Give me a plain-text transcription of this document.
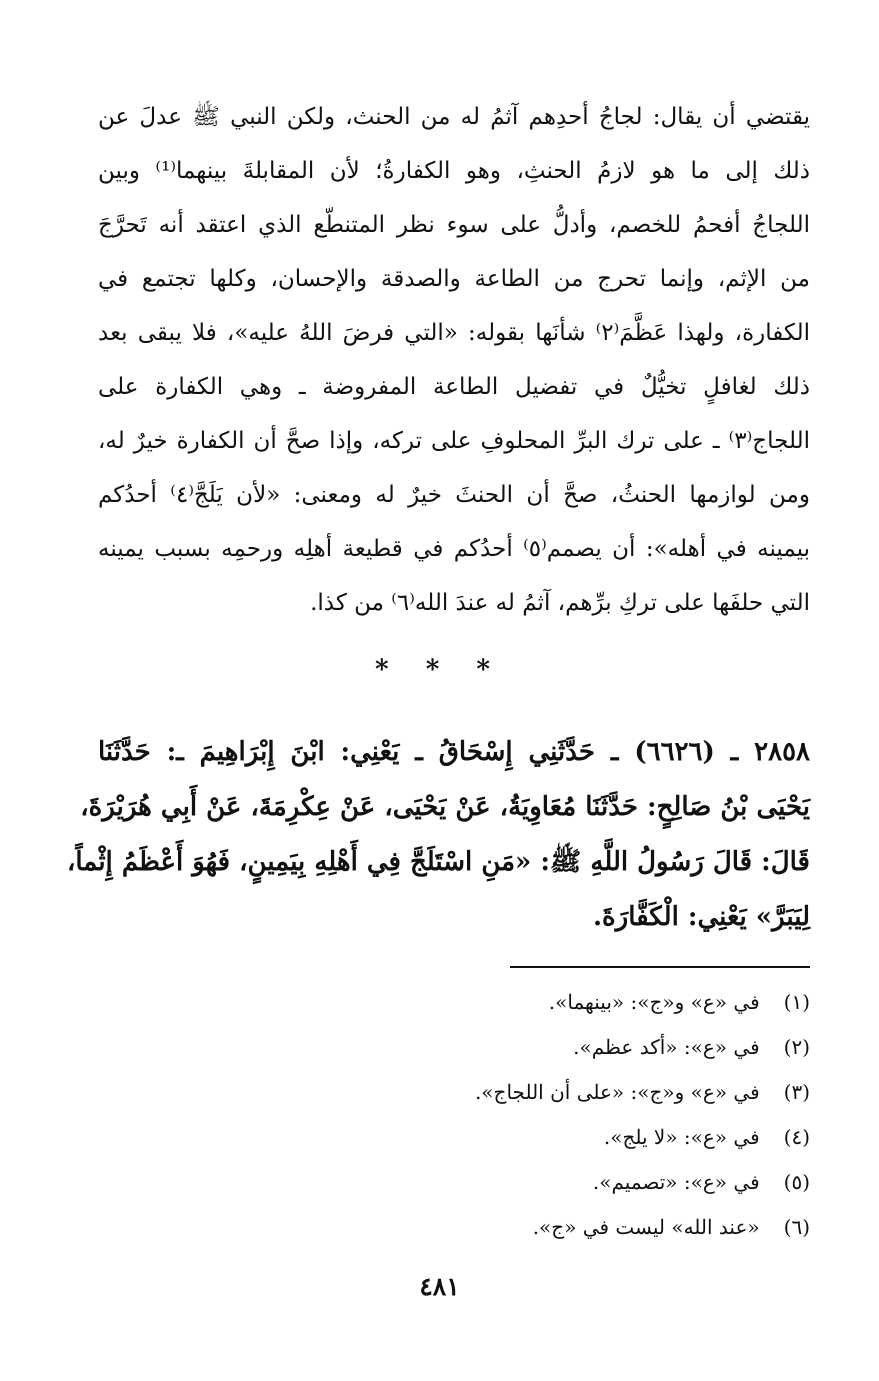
يقتضي أن يقال: لجاجُ أحدِهم آثمُ له من الحنث، ولكن النبي ﷺ عدلَ عن
ذلك إلى ما هو لازمُ الحنثِ، وهو الكفارةُ؛ لأن المقابلةَ بينهما⁽¹⁾ وبين
اللجاجُ أفحمُ للخصم، وأدلُّ على سوء نظر المتنطّع الذي اعتقد أنه تَحرَّجَ
من الإثم، وإنما تحرج من الطاعة والصدقة والإحسان، وكلها تجتمع في
الكفارة، ولهذا عَظَّمَ⁽٢⁾ شأنَها بقوله: «التي فرضَ اللهُ عليه»، فلا يبقى بعد
ذلك لغافلٍ تخيُّلٌ في تفضيل الطاعة المفروضة ـ وهي الكفارة على
اللجاج⁽٣⁾ ـ على ترك البرِّ المحلوفِ على تركه، وإذا صحَّ أن الكفارة خيرٌ له،
ومن لوازمها الحنثُ، صحَّ أن الحنثَ خيرٌ له ومعنى: «لأن يَلَجَّ⁽٤⁾ أحدُكم
بيمينه في أهله»: أن يصمم⁽٥⁾ أحدُكم في قطيعة أهلِه ورحمِه بسبب يمينه
التي حلفَها على تركِ برِّهم، آثمُ له عندَ الله⁽٦⁾ من كذا.
* * *
٢٨٥٨ ـ (٦٦٢٦) ـ حَدَّثَنِي إِسْحَاقُ ـ يَعْنِي: ابْنَ إِبْرَاهِيمَ ـ: حَدَّثَنَا
يَحْيَى بْنُ صَالِحٍ: حَدَّثَنَا مُعَاوِيَةُ، عَنْ يَحْيَى، عَنْ عِكْرِمَةَ، عَنْ أَبِي هُرَيْرَةَ،
قَالَ: قَالَ رَسُولُ اللَّهِ ﷺ: «مَنِ اسْتَلَجَّ فِي أَهْلِهِ بِيَمِينٍ، فَهُوَ أَعْظَمُ إِثْماً،
لِيَبَرَّ» يَعْنِي: الْكَفَّارَةَ.
(١) في «ع» و«ج»: «بينهما».
(٢) في «ع»: «أكد عظم».
(٣) في «ع» و«ج»: «على أن اللجاج».
(٤) في «ع»: «لا يلج».
(٥) في «ع»: «تصميم».
(٦) «عند الله» ليست في «ج».
٤٨١
